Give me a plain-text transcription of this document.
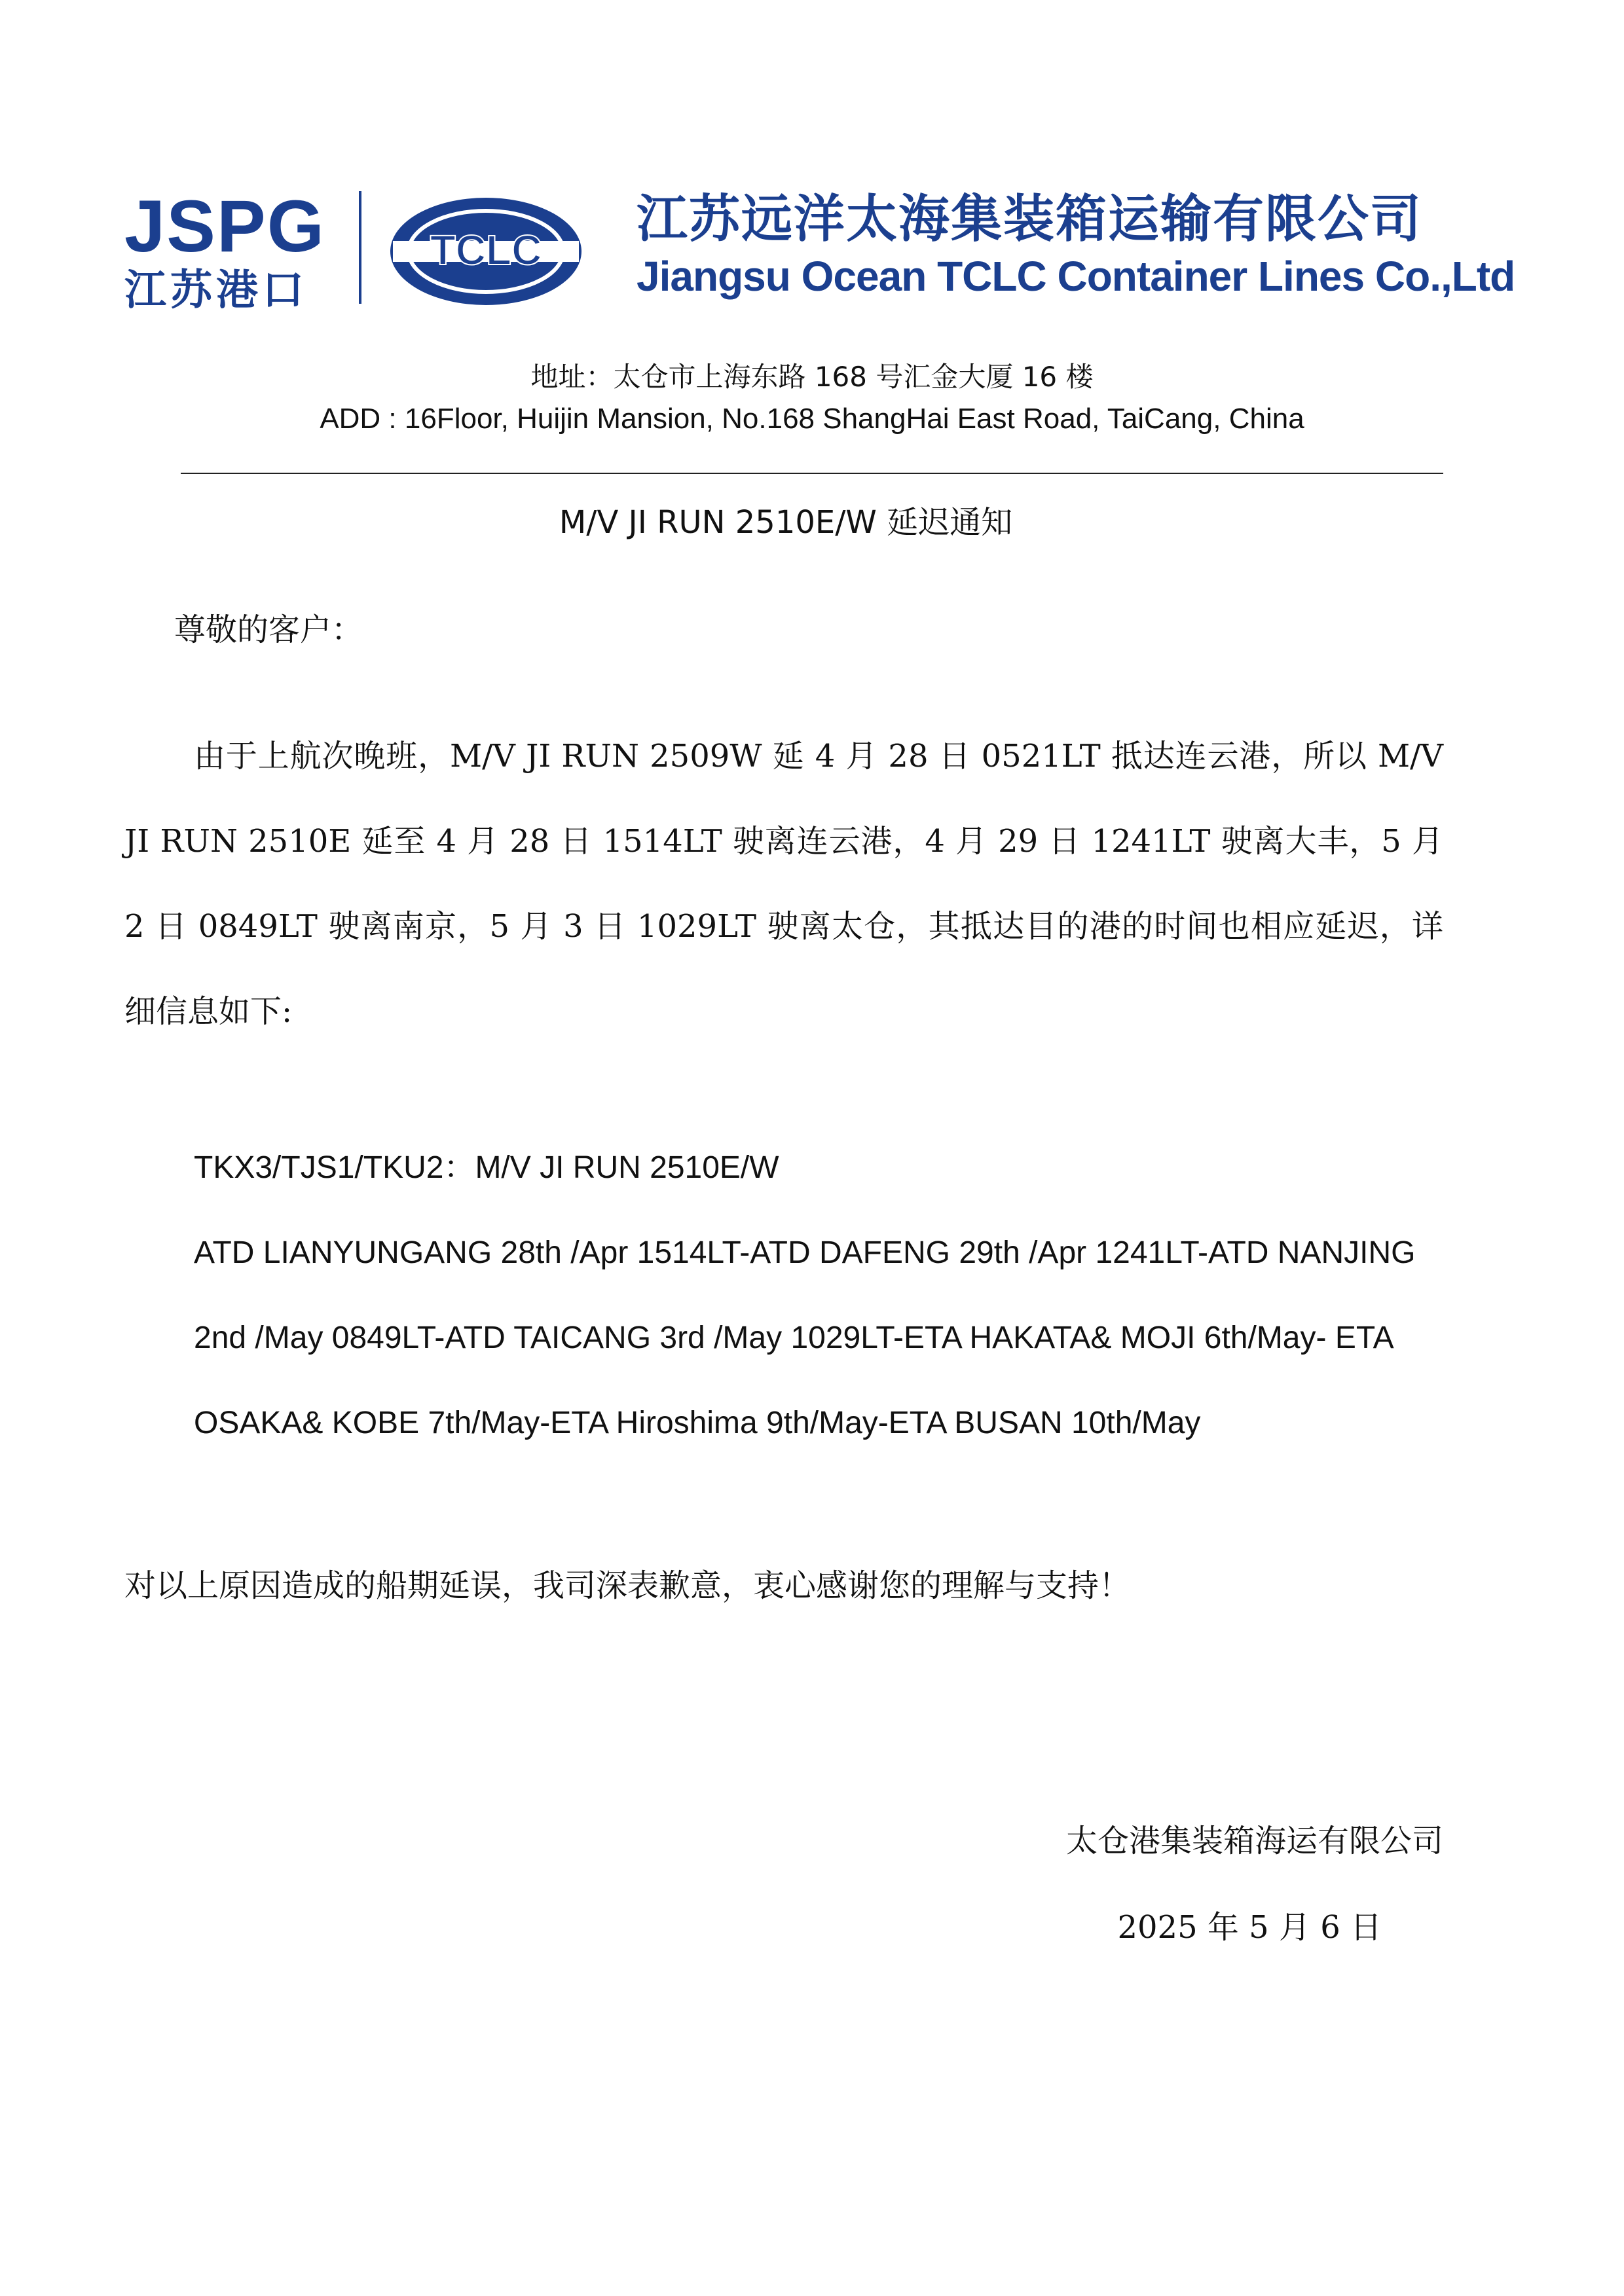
JSPG
江苏港口
TCLC
江苏远洋太海集装箱运输有限公司
Jiangsu Ocean TCLC Container Lines Co.,Ltd
地址：太仓市上海东路 168 号汇金大厦 16 楼
ADD : 16Floor, Huijin Mansion, No.168 ShangHai East Road, TaiCang, China
M/V JI RUN 2510E/W 延迟通知
尊敬的客户：
由于上航次晚班，M/V JI RUN 2509W 延 4 月 28 日 0521LT 抵达连云港，所以 M/V JI RUN 2510E 延至 4 月 28 日 1514LT 驶离连云港，4 月 29 日 1241LT 驶离大丰，5 月 2 日 0849LT 驶离南京，5 月 3 日 1029LT 驶离太仓，其抵达目的港的时间也相应延迟，详细信息如下:
TKX3/TJS1/TKU2：M/V JI RUN 2510E/W
ATD LIANYUNGANG 28th /Apr 1514LT-ATD DAFENG 29th /Apr 1241LT-ATD NANJING
2nd /May 0849LT-ATD TAICANG 3rd /May 1029LT-ETA HAKATA& MOJI 6th/May- ETA
OSAKA& KOBE 7th/May-ETA Hiroshima 9th/May-ETA BUSAN 10th/May
对以上原因造成的船期延误，我司深表歉意，衷心感谢您的理解与支持！
太仓港集装箱海运有限公司
2025 年 5 月 6 日
